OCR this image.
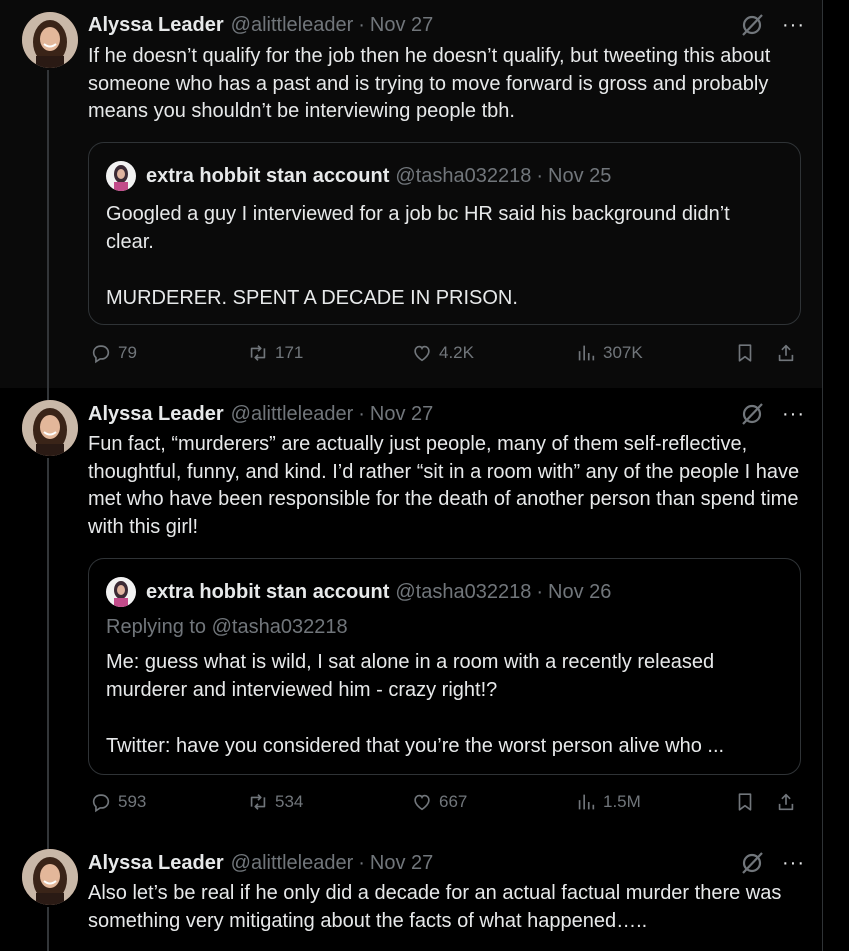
Alyssa Leader @alittleleader · Nov 27	···
If he doesn’t qualify for the job then he doesn’t qualify, but tweeting this about someone who has a past and is trying to move forward is gross and probably means you shouldn’t be interviewing people tbh.
extra hobbit stan account @tasha032218 · Nov 25
Googled a guy I interviewed for a job bc HR said his background didn’t
clear.
MURDERER. SPENT A DECADE IN PRISON.
79	171	4.2K	307K
Alyssa Leader @alittleleader · Nov 27	···
Fun fact, “murderers” are actually just people, many of them self-reflective, thoughtful, funny, and kind. I’d rather “sit in a room with” any of the people I have met who have been responsible for the death of another person than spend time with this girl!
extra hobbit stan account @tasha032218 · Nov 26
Replying to @tasha032218
Me: guess what is wild, I sat alone in a room with a recently released
murderer and interviewed him - crazy right!?
Twitter: have you considered that you’re the worst person alive who ...
593	534	667	1.5M
Alyssa Leader @alittleleader · Nov 27	···
Also let’s be real if he only did a decade for an actual factual murder there was something very mitigating about the facts of what happened…..
